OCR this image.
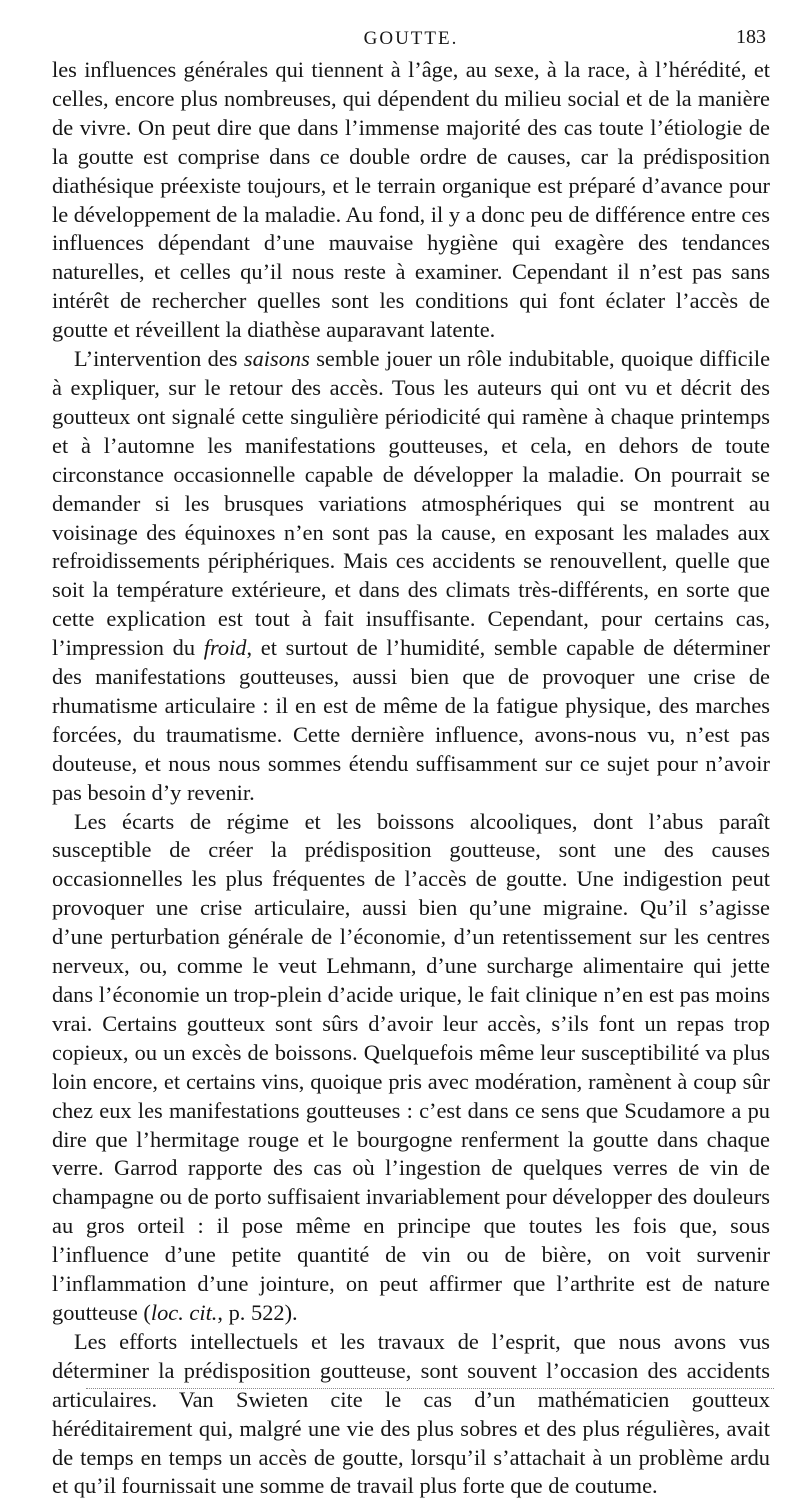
GOUTTE.	183

les influences générales qui tiennent à l’âge, au sexe, à la race, à l’hérédité, et celles, encore plus nombreuses, qui dépendent du milieu social et de la manière de vivre. On peut dire que dans l’immense majorité des cas toute l’étiologie de la goutte est comprise dans ce double ordre de causes, car la prédisposition diathésique préexiste toujours, et le terrain organique est préparé d’avance pour le développement de la maladie. Au fond, il y a donc peu de différence entre ces influences dépendant d’une mauvaise hygiène qui exagère des tendances naturelles, et celles qu’il nous reste à examiner. Cependant il n’est pas sans intérêt de rechercher quelles sont les conditions qui font éclater l’accès de goutte et réveillent la diathèse auparavant latente.

L’intervention des saisons semble jouer un rôle indubitable, quoique difficile à expliquer, sur le retour des accès. Tous les auteurs qui ont vu et décrit des goutteux ont signalé cette singulière périodicité qui ramène à chaque printemps et à l’automne les manifestations goutteuses, et cela, en dehors de toute circonstance occasionnelle capable de développer la maladie. On pourrait se demander si les brusques variations atmosphériques qui se montrent au voisinage des équinoxes n’en sont pas la cause, en exposant les malades aux refroidissements périphériques. Mais ces accidents se renouvellent, quelle que soit la température extérieure, et dans des climats très-différents, en sorte que cette explication est tout à fait insuffisante. Cependant, pour certains cas, l’impression du froid, et surtout de l’humidité, semble capable de déterminer des manifestations goutteuses, aussi bien que de provoquer une crise de rhumatisme articulaire : il en est de même de la fatigue physique, des marches forcées, du traumatisme. Cette dernière influence, avons-nous vu, n’est pas douteuse, et nous nous sommes étendu suffisamment sur ce sujet pour n’avoir pas besoin d’y revenir.

Les écarts de régime et les boissons alcooliques, dont l’abus paraît susceptible de créer la prédisposition goutteuse, sont une des causes occasionnelles les plus fréquentes de l’accès de goutte. Une indigestion peut provoquer une crise articulaire, aussi bien qu’une migraine. Qu’il s’agisse d’une perturbation générale de l’économie, d’un retentissement sur les centres nerveux, ou, comme le veut Lehmann, d’une surcharge alimentaire qui jette dans l’économie un trop-plein d’acide urique, le fait clinique n’en est pas moins vrai. Certains goutteux sont sûrs d’avoir leur accès, s’ils font un repas trop copieux, ou un excès de boissons. Quelquefois même leur susceptibilité va plus loin encore, et certains vins, quoique pris avec modération, ramènent à coup sûr chez eux les manifestations goutteuses : c’est dans ce sens que Scudamore a pu dire que l’hermitage rouge et le bourgogne renferment la goutte dans chaque verre. Garrod rapporte des cas où l’ingestion de quelques verres de vin de champagne ou de porto suffisaient invariablement pour développer des douleurs au gros orteil : il pose même en principe que toutes les fois que, sous l’influence d’une petite quantité de vin ou de bière, on voit survenir l’inflammation d’une jointure, on peut affirmer que l’arthrite est de nature goutteuse (loc. cit., p. 522).

Les efforts intellectuels et les travaux de l’esprit, que nous avons vus déterminer la prédisposition goutteuse, sont souvent l’occasion des accidents articulaires. Van Swieten cite le cas d’un mathématicien goutteux héréditairement qui, malgré une vie des plus sobres et des plus régulières, avait de temps en temps un accès de goutte, lorsqu’il s’attachait à un problème ardu et qu’il fournissait une somme de travail plus forte que de coutume.
